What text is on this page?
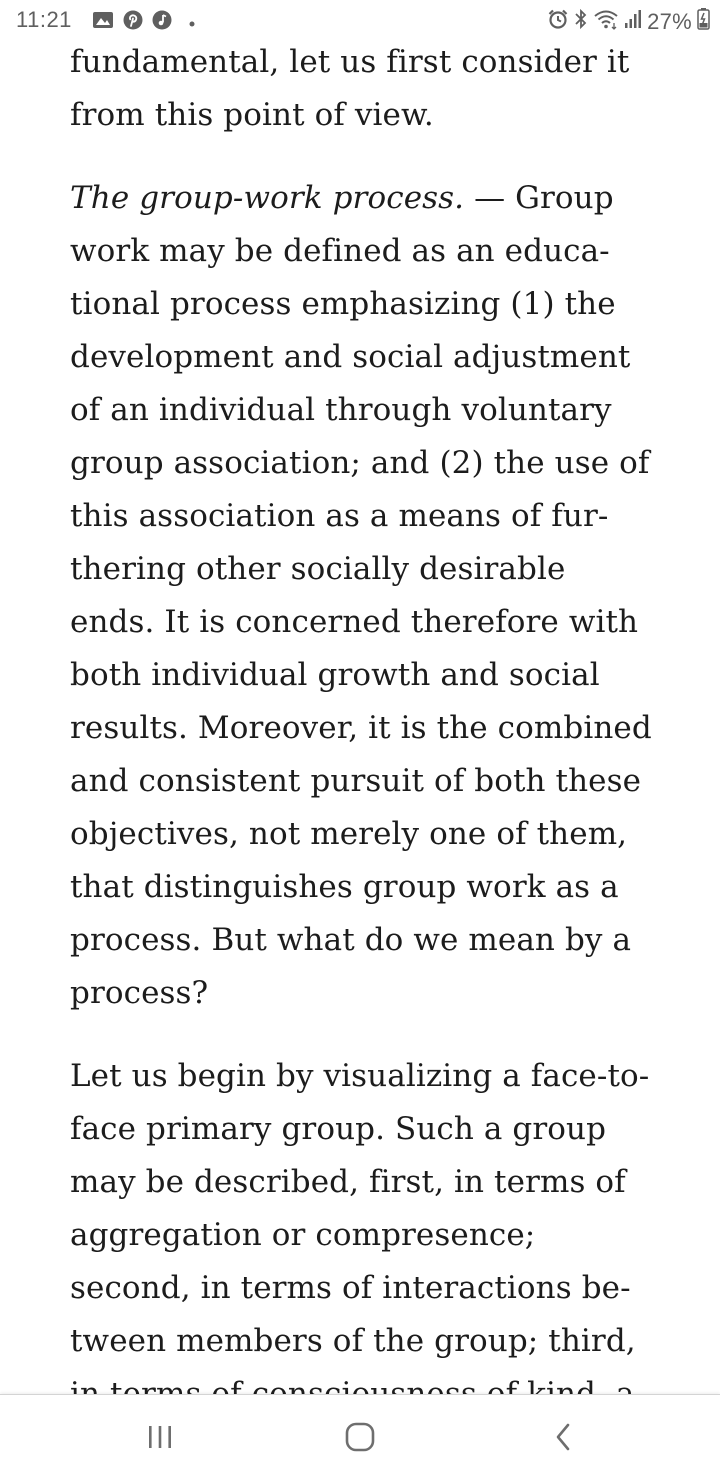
11:21	27%

fundamental, let us first consider it
from this point of view.

The group-work process. — Group
work may be defined as an educa-
tional process emphasizing (1) the
development and social adjustment
of an individual through voluntary
group association; and (2) the use of
this association as a means of fur-
thering other socially desirable
ends. It is concerned therefore with
both individual growth and social
results. Moreover, it is the combined
and consistent pursuit of both these
objectives, not merely one of them,
that distinguishes group work as a
process. But what do we mean by a
process?

Let us begin by visualizing a face-to-
face primary group. Such a group
may be described, first, in terms of
aggregation or compresence;
second, in terms of interactions be-
tween members of the group; third,
